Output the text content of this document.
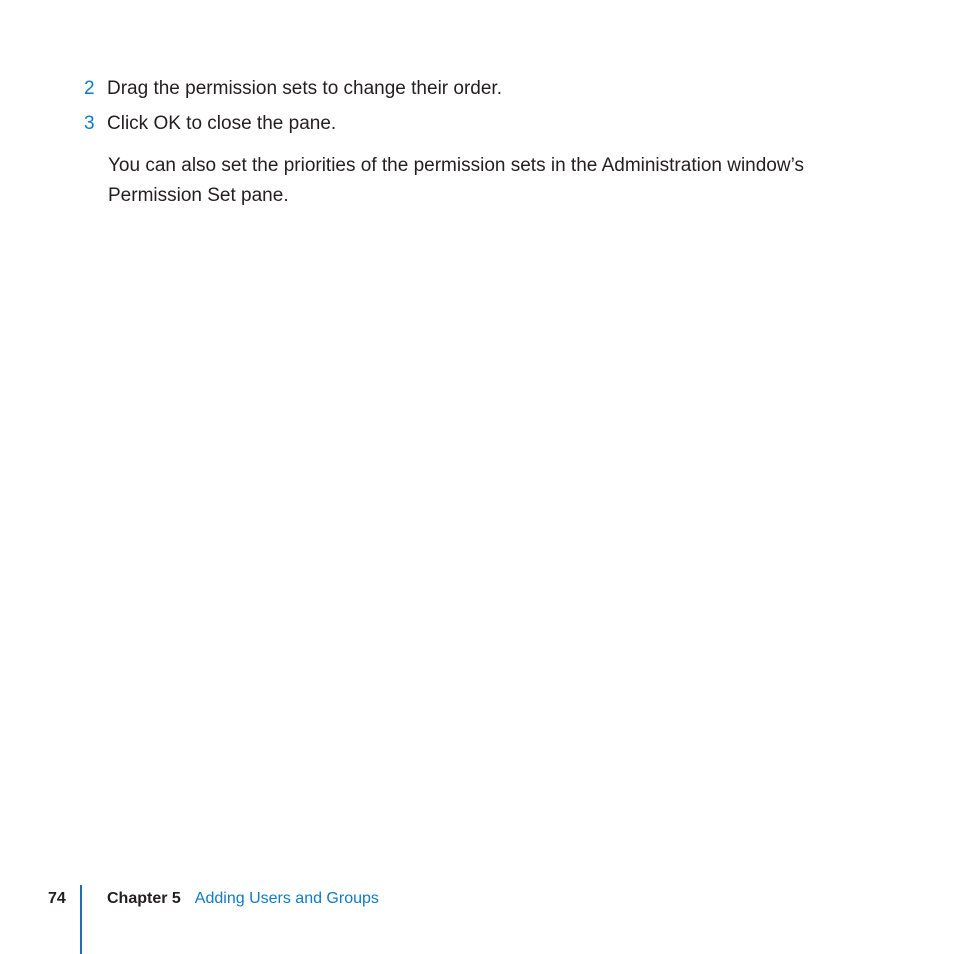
2 Drag the permission sets to change their order.
3 Click OK to close the pane.

You can also set the priorities of the permission sets in the Administration window’s Permission Set pane.

74	Chapter 5 Adding Users and Groups
